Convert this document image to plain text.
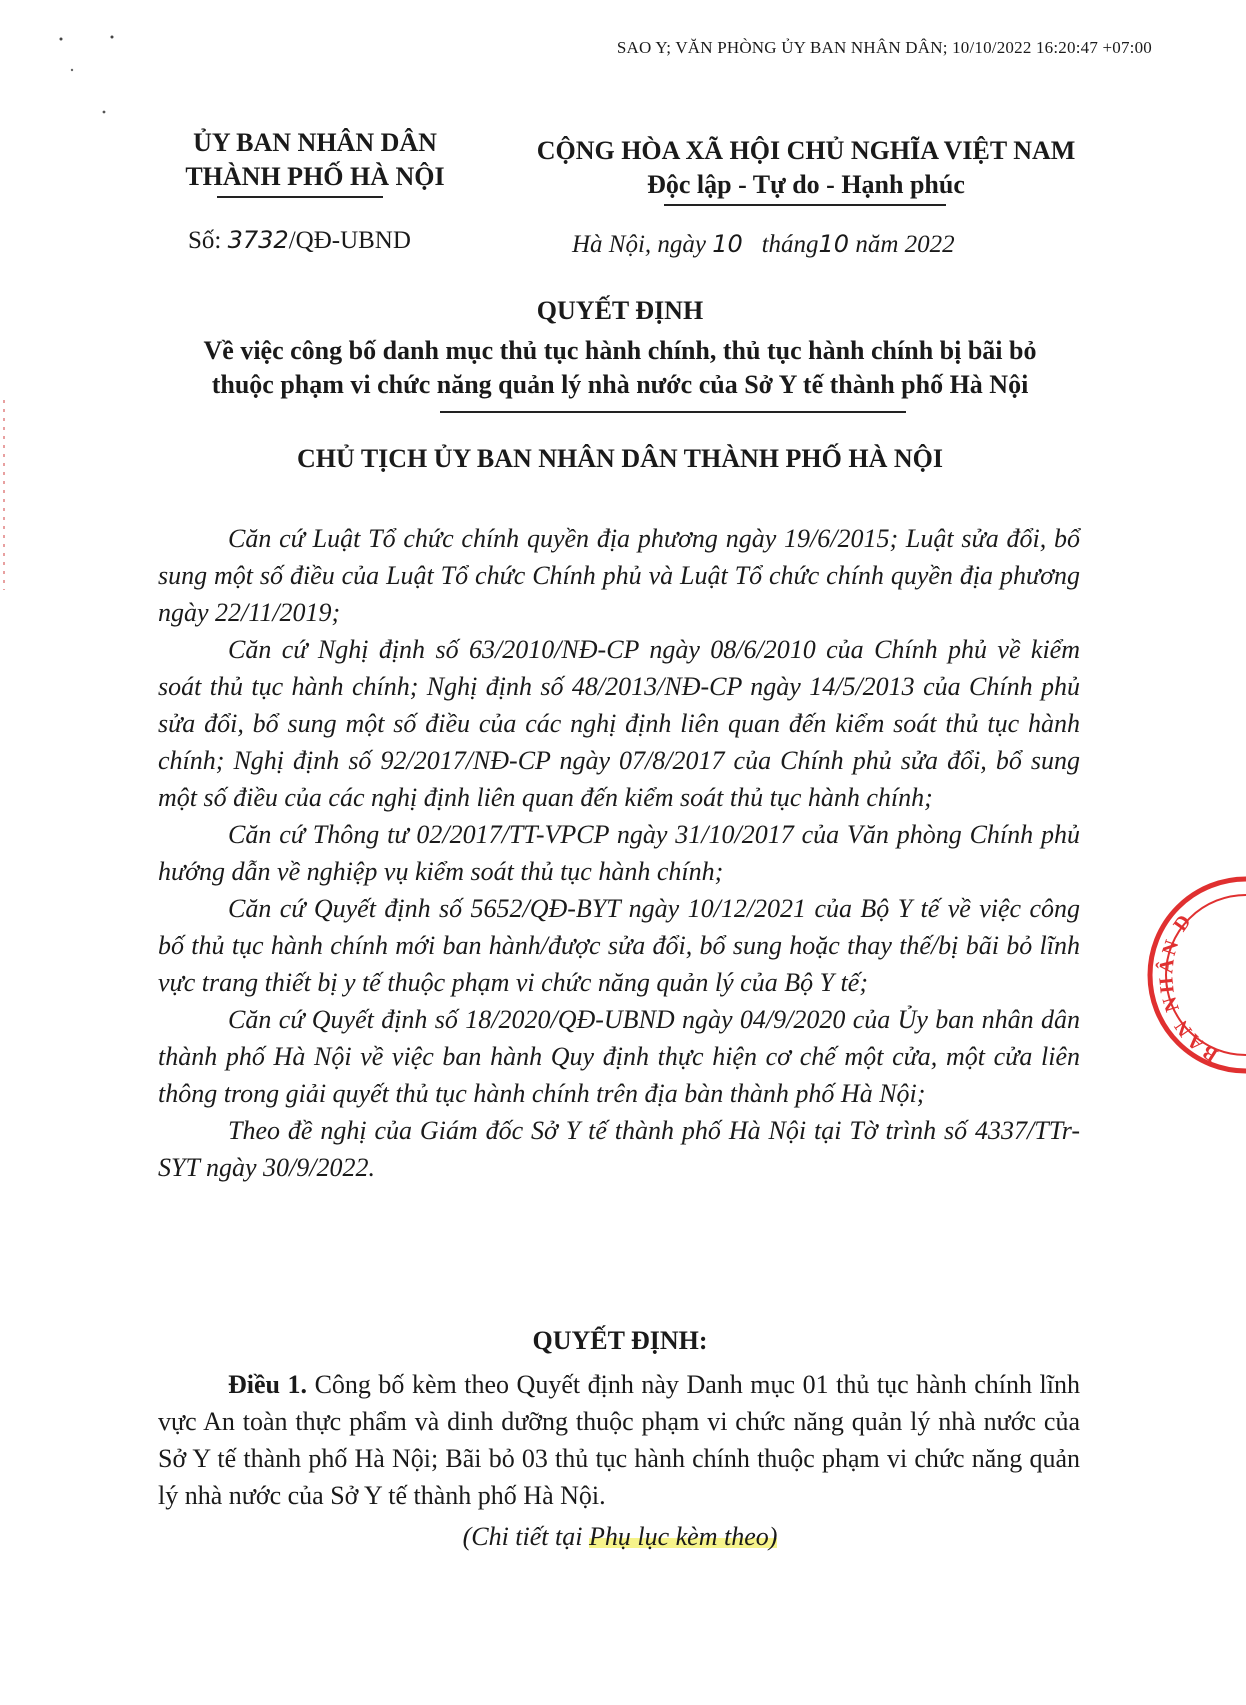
SAO Y; VĂN PHÒNG ỦY BAN NHÂN DÂN; 10/10/2022 16:20:47 +07:00
ỦY BAN NHÂN DÂN
THÀNH PHỐ HÀ NỘI
CỘNG HÒA XÃ HỘI CHỦ NGHĨA VIỆT NAM
Độc lập - Tự do - Hạnh phúc
Số: 3732/QĐ-UBND	Hà Nội, ngày 10 tháng10 năm 2022
QUYẾT ĐỊNH
Về việc công bố danh mục thủ tục hành chính, thủ tục hành chính bị bãi bỏ
thuộc phạm vi chức năng quản lý nhà nước của Sở Y tế thành phố Hà Nội
CHỦ TỊCH ỦY BAN NHÂN DÂN THÀNH PHỐ HÀ NỘI

Căn cứ Luật Tổ chức chính quyền địa phương ngày 19/6/2015; Luật sửa đổi, bổ sung một số điều của Luật Tổ chức Chính phủ và Luật Tổ chức chính quyền địa phương ngày 22/11/2019;

Căn cứ Nghị định số 63/2010/NĐ-CP ngày 08/6/2010 của Chính phủ về kiểm soát thủ tục hành chính; Nghị định số 48/2013/NĐ-CP ngày 14/5/2013 của Chính phủ sửa đổi, bổ sung một số điều của các nghị định liên quan đến kiểm soát thủ tục hành chính; Nghị định số 92/2017/NĐ-CP ngày 07/8/2017 của Chính phủ sửa đổi, bổ sung một số điều của các nghị định liên quan đến kiểm soát thủ tục hành chính;

Căn cứ Thông tư 02/2017/TT-VPCP ngày 31/10/2017 của Văn phòng Chính phủ hướng dẫn về nghiệp vụ kiểm soát thủ tục hành chính;

Căn cứ Quyết định số 5652/QĐ-BYT ngày 10/12/2021 của Bộ Y tế về việc công bố thủ tục hành chính mới ban hành/được sửa đổi, bổ sung hoặc thay thế/bị bãi bỏ lĩnh vực trang thiết bị y tế thuộc phạm vi chức năng quản lý của Bộ Y tế;

Căn cứ Quyết định số 18/2020/QĐ-UBND ngày 04/9/2020 của Ủy ban nhân dân thành phố Hà Nội về việc ban hành Quy định thực hiện cơ chế một cửa, một cửa liên thông trong giải quyết thủ tục hành chính trên địa bàn thành phố Hà Nội;

Theo đề nghị của Giám đốc Sở Y tế thành phố Hà Nội tại Tờ trình số 4337/TTr-SYT ngày 30/9/2022.

QUYẾT ĐỊNH:

Điều 1. Công bố kèm theo Quyết định này Danh mục 01 thủ tục hành chính lĩnh vực An toàn thực phẩm và dinh dưỡng thuộc phạm vi chức năng quản lý nhà nước của Sở Y tế thành phố Hà Nội; Bãi bỏ 03 thủ tục hành chính thuộc phạm vi chức năng quản lý nhà nước của Sở Y tế thành phố Hà Nội.

(Chi tiết tại Phụ lục kèm theo)
BAN NHÂN D
